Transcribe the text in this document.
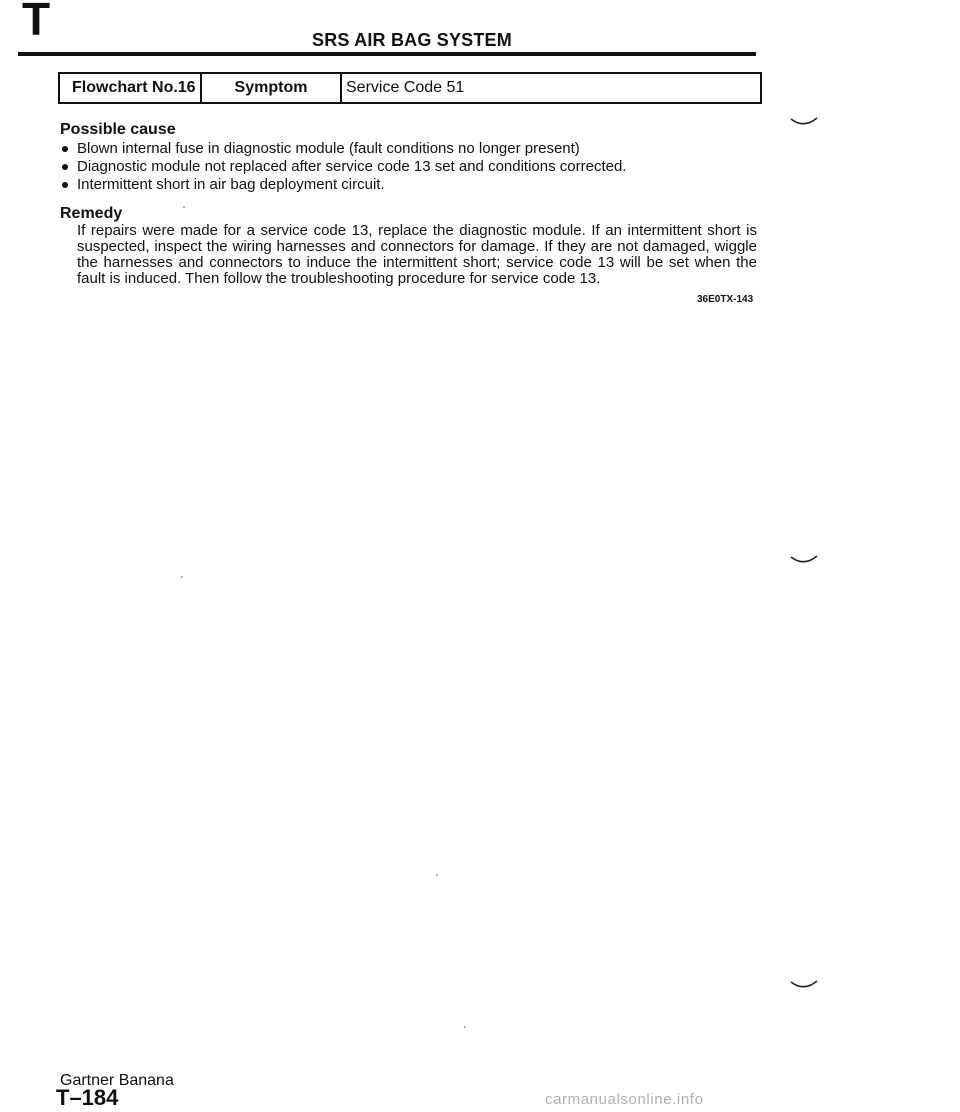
T	SRS AIR BAG SYSTEM
Flowchart No.16	Symptom	Service Code 51
Possible cause
Blown internal fuse in diagnostic module (fault conditions no longer present)
Diagnostic module not replaced after service code 13 set and conditions corrected.
Intermittent short in air bag deployment circuit.
Remedy
If repairs were made for a service code 13, replace the diagnostic module. If an intermittent short is suspected, inspect the wiring harnesses and connectors for damage. If they are not damaged, wiggle the harnesses and connectors to induce the intermittent short; service code 13 will be set when the fault is induced. Then follow the troubleshooting procedure for service code 13.
36E0TX-143
Gartner Banana
T–184	carmanualsonline.info
